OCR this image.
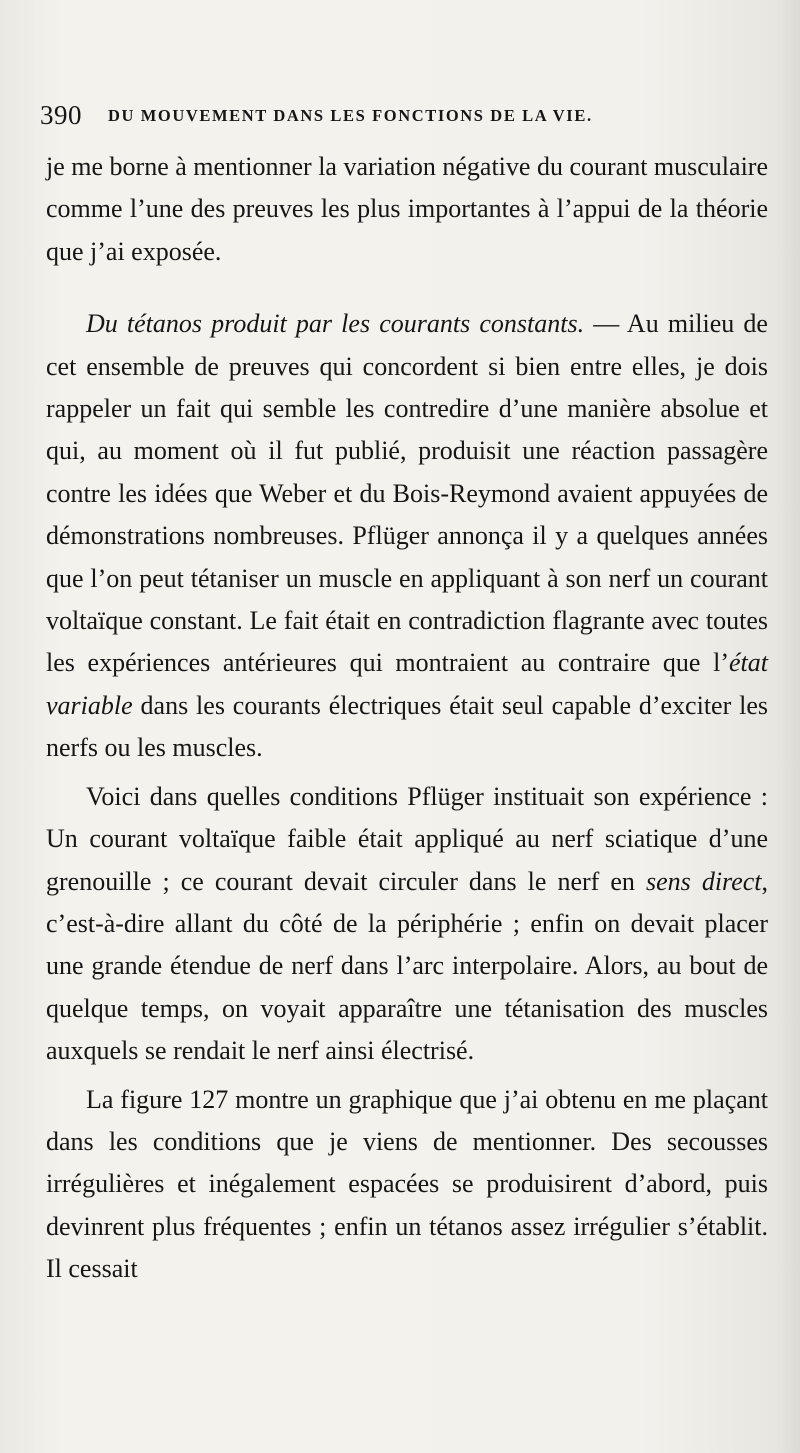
390 DU MOUVEMENT DANS LES FONCTIONS DE LA VIE.

je me borne à mentionner la variation négative du courant musculaire comme l’une des preuves les plus importantes à l’appui de la théorie que j’ai exposée.

Du tétanos produit par les courants constants. — Au milieu de cet ensemble de preuves qui concordent si bien entre elles, je dois rappeler un fait qui semble les contredire d’une manière absolue et qui, au moment où il fut publié, produisit une réaction passagère contre les idées que Weber et du Bois-Reymond avaient appuyées de démonstrations nombreuses. Pflüger annonça il y a quelques années que l’on peut tétaniser un muscle en appliquant à son nerf un courant voltaïque constant. Le fait était en contradiction flagrante avec toutes les expériences antérieures qui montraient au contraire que l’état variable dans les courants électriques était seul capable d’exciter les nerfs ou les muscles.

Voici dans quelles conditions Pflüger instituait son expérience : Un courant voltaïque faible était appliqué au nerf sciatique d’une grenouille ; ce courant devait circuler dans le nerf en sens direct, c’est-à-dire allant du côté de la périphérie ; enfin on devait placer une grande étendue de nerf dans l’arc interpolaire. Alors, au bout de quelque temps, on voyait apparaître une tétanisation des muscles auxquels se rendait le nerf ainsi électrisé.

La figure 127 montre un graphique que j’ai obtenu en me plaçant dans les conditions que je viens de mentionner. Des secousses irrégulières et inégalement espacées se produisirent d’abord, puis devinrent plus fréquentes ; enfin un tétanos assez irrégulier s’établit. Il cessait
